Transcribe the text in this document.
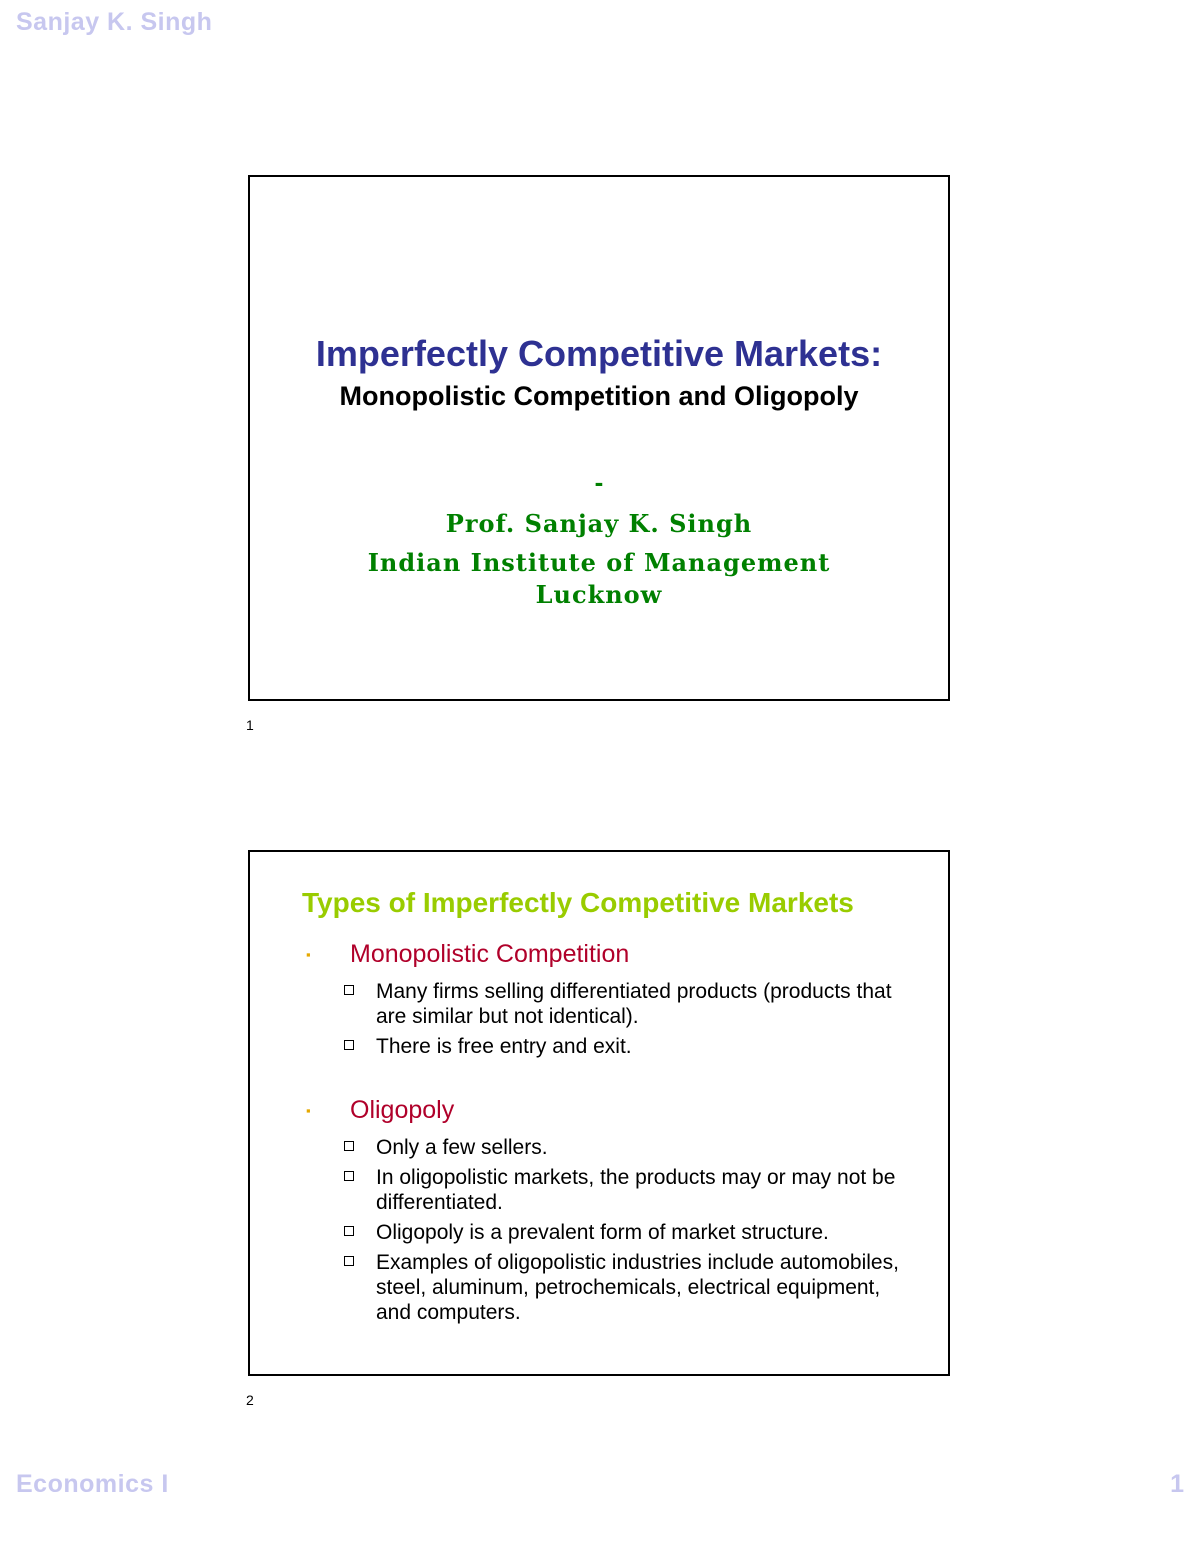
Sanjay K. Singh
Imperfectly Competitive Markets:
Monopolistic Competition and Oligopoly
-
Prof. Sanjay K. Singh
Indian Institute of Management
Lucknow
1
Types of Imperfectly Competitive Markets
▪	Monopolistic Competition
Many firms selling differentiated products (products that are similar but not identical).
There is free entry and exit.
▪	Oligopoly
Only a few sellers.
In oligopolistic markets, the products may or may not be differentiated.
Oligopoly is a prevalent form of market structure.
Examples of oligopolistic industries include automobiles, steel, aluminum, petrochemicals, electrical equipment, and computers.
2
Economics I	1
